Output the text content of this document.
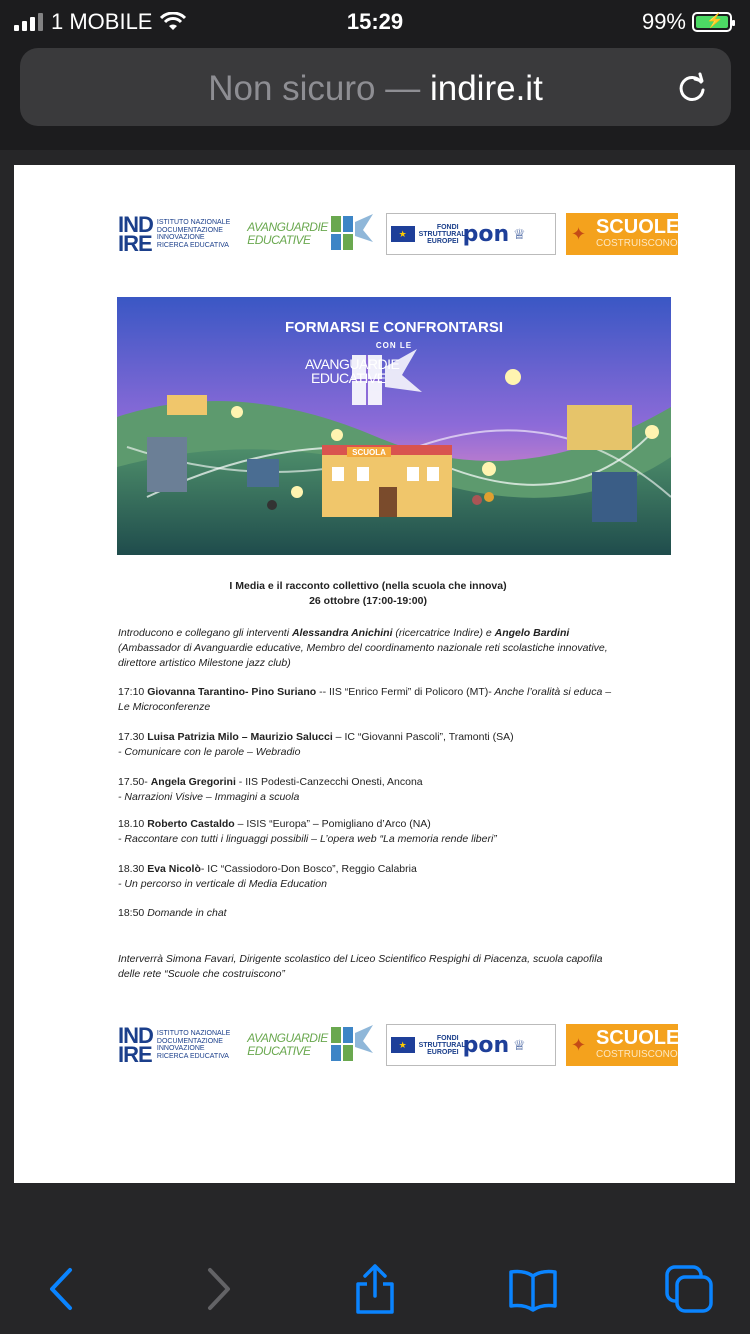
1 MOBILE	15:29	99% ⚡
Non sicuro — indire.it
IND
IRE
ISTITUTO NAZIONALE DOCUMENTAZIONE INNOVAZIONE RICERCA EDUCATIVA
AVANGUARDIE EDUCATIVE	★
FONDI STRUTTURALI EUROPEI pon ♕	✦ SCUOLE
COSTRUISCONO
SCUOLA
FORMARSI E CONFRONTARSI
CON LE
AVANGUARDIE
EDUCATIVE
I Media e il racconto collettivo (nella scuola che innova)
26 ottobre (17:00-19:00)
Introducono e collegano gli interventi Alessandra Anichini (ricercatrice Indire) e Angelo Bardini (Ambassador di Avanguardie educative, Membro del coordinamento nazionale reti scolastiche innovative, direttore artistico Milestone jazz club)
17:10 Giovanna Tarantino- Pino Suriano -- IIS “Enrico Fermi” di Policoro (MT)- Anche l’oralità si educa – Le Microconferenze
17.30 Luisa Patrizia Milo – Maurizio Salucci – IC “Giovanni Pascoli”, Tramonti (SA)
- Comunicare con le parole – Webradio
17.50- Angela Gregorini - IIS Podesti-Canzecchi Onesti, Ancona
- Narrazioni Visive – Immagini a scuola
18.10 Roberto Castaldo – ISIS “Europa” – Pomigliano d’Arco (NA)
- Raccontare con tutti i linguaggi possibili – L’opera web “La memoria rende liberi”
18.30 Eva Nicolò- IC “Cassiodoro-Don Bosco”, Reggio Calabria
- Un percorso in verticale di Media Education
18:50 Domande in chat
Interverrà Simona Favari, Dirigente scolastico del Liceo Scientifico Respighi di Piacenza, scuola capofila delle rete “Scuole che costruiscono”
IND
IRE
ISTITUTO NAZIONALE DOCUMENTAZIONE INNOVAZIONE RICERCA EDUCATIVA
AVANGUARDIE EDUCATIVE	★
FONDI STRUTTURALI EUROPEI pon ♕	✦ SCUOLE
COSTRUISCONO
